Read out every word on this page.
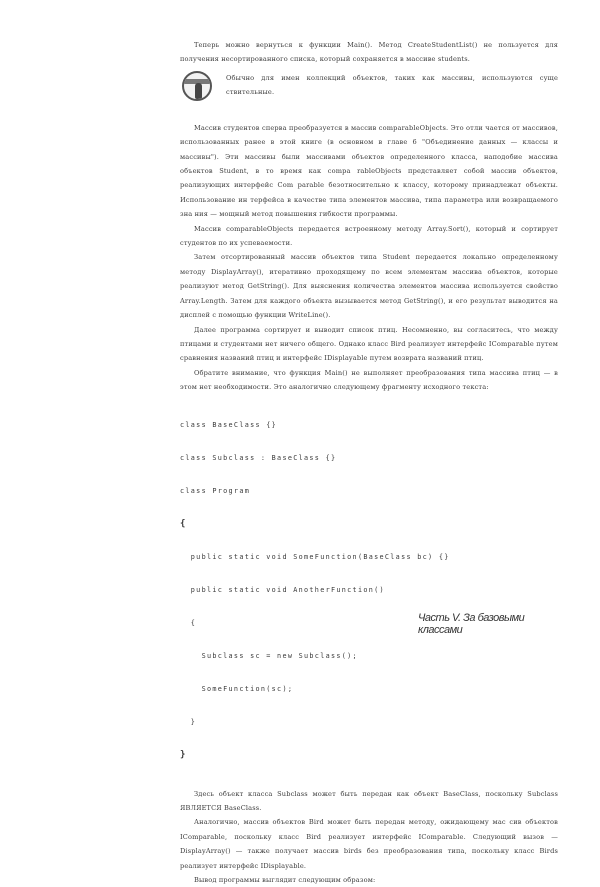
Теперь можно вернуться к функции Main(). Метод CreateStudentList() не пользуется для получения несортированного списка, который сохраняется в массиве students.

Обычно для имен коллекций объектов, таких как массивы, используются суще ствительные.

Массив студентов сперва преобразуется в массив comparableObjects. Это отли чается от массивов, использованных ранее в этой книге (в основном в главе 6 "Объединение данных — классы и массивы"). Эти массивы были массивами объектов определенного класса, наподобие массива объектов Student, в то время как compa rableObjects представляет собой массив объектов, реализующих интерфейс Com parable безотносительно к классу, которому принадлежат объекты. Использование ин терфейса в качестве типа элементов массива, типа параметра или возвращаемого зна ния — мощный метод повышения гибкости программы.

Массив comparableObjects передается встроенному методу Array.Sort(), который и сортирует студентов по их успеваемости.

Затем отсортированный массив объектов типа Student передается локально определенному методу DisplayArray(), итеративно проходящему по всем элементам массива объектов, которые реализуют метод GetString(). Для выяснения количества элементов массива используется свойство Array.Length. Затем для каждого объекта вызывается метод GetString(), и его результат выводится на дисплей с помощью функции WriteLine().

Далее программа сортирует и выводит список птиц. Несомненно, вы согласитесь, что между птицами и студентами нет ничего общего. Однако класс Bird реализует интерфейс IComparable путем сравнения названий птиц и интерфейс IDisplayable путем возврата названий птиц.

Обратите внимание, что функция Main() не выполняет преобразования типа массива птиц — в этом нет необходимости. Это аналогично следующему фрагменту исходного текста:

class BaseClass {}

class Subclass : BaseClass {}

class Program

{

public static void SomeFunction(BaseClass bc) {}

public static void AnotherFunction()

{

Subclass sc = new Subclass();

SomeFunction(sc);

}

}

Здесь объект класса Subclass может быть передан как объект BaseClass, поскольку Subclass ЯВЛЯЕТСЯ BaseClass.

Аналогично, массив объектов Bird может быть передан методу, ожидающему мас сив объектов IComparable, поскольку класс Bird реализует интерфейс IComparable. Следующий вызов — DisplayArray() — также получает массив birds без преобразования типа, поскольку класс Birds реализует интерфейс IDisplayable.

Вывод программы выглядит следующим образом:

Часть V. За базовыми классами
